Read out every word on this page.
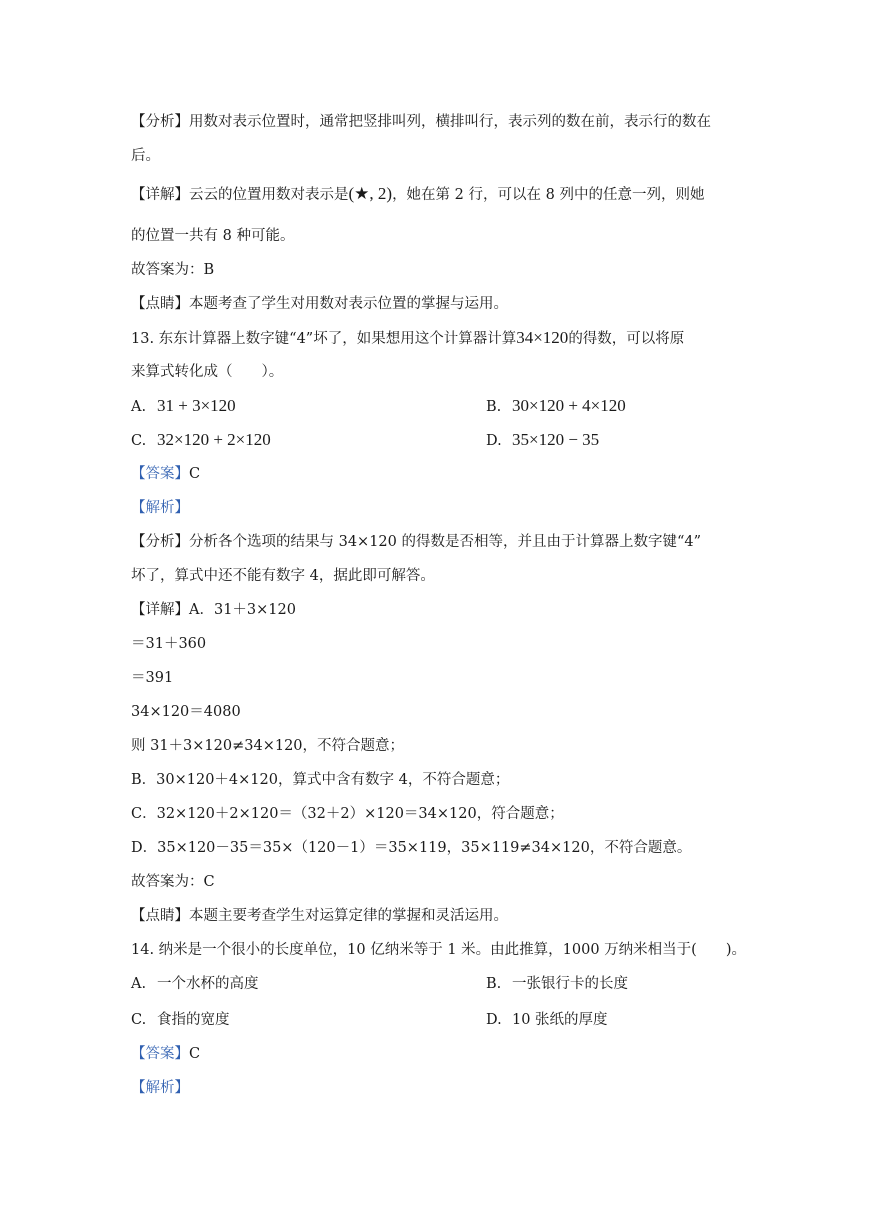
【分析】用数对表示位置时，通常把竖排叫列，横排叫行，表示列的数在前，表示行的数在
后。
【详解】云云的位置用数对表示是(★, 2)，她在第 2 行，可以在 8 列中的任意一列，则她
的位置一共有 8 种可能。
故答案为：B
【点睛】本题考查了学生对用数对表示位置的掌握与运用。
13. 东东计算器上数字键“4”坏了，如果想用这个计算器计算34×120的得数，可以将原
来算式转化成（　　）。
A. 31 + 3×120	B. 30×120 + 4×120
C. 32×120 + 2×120	D. 35×120 − 35
【答案】C
【解析】
【分析】分析各个选项的结果与 34×120 的得数是否相等，并且由于计算器上数字键“4”
坏了，算式中还不能有数字 4，据此即可解答。
【详解】A．31＋3×120
＝31＋360
＝391
34×120＝4080
则 31＋3×120≠34×120，不符合题意；
B．30×120＋4×120，算式中含有数字 4，不符合题意；
C．32×120＋2×120＝（32＋2）×120＝34×120，符合题意；
D．35×120－35＝35×（120－1）＝35×119，35×119≠34×120，不符合题意。
故答案为：C
【点睛】本题主要考查学生对运算定律的掌握和灵活运用。
14. 纳米是一个很小的长度单位，10 亿纳米等于 1 米。由此推算，1000 万纳米相当于(　　)。
A. 一个水杯的高度	B. 一张银行卡的长度
C. 食指的宽度	D. 10 张纸的厚度
【答案】C
【解析】
